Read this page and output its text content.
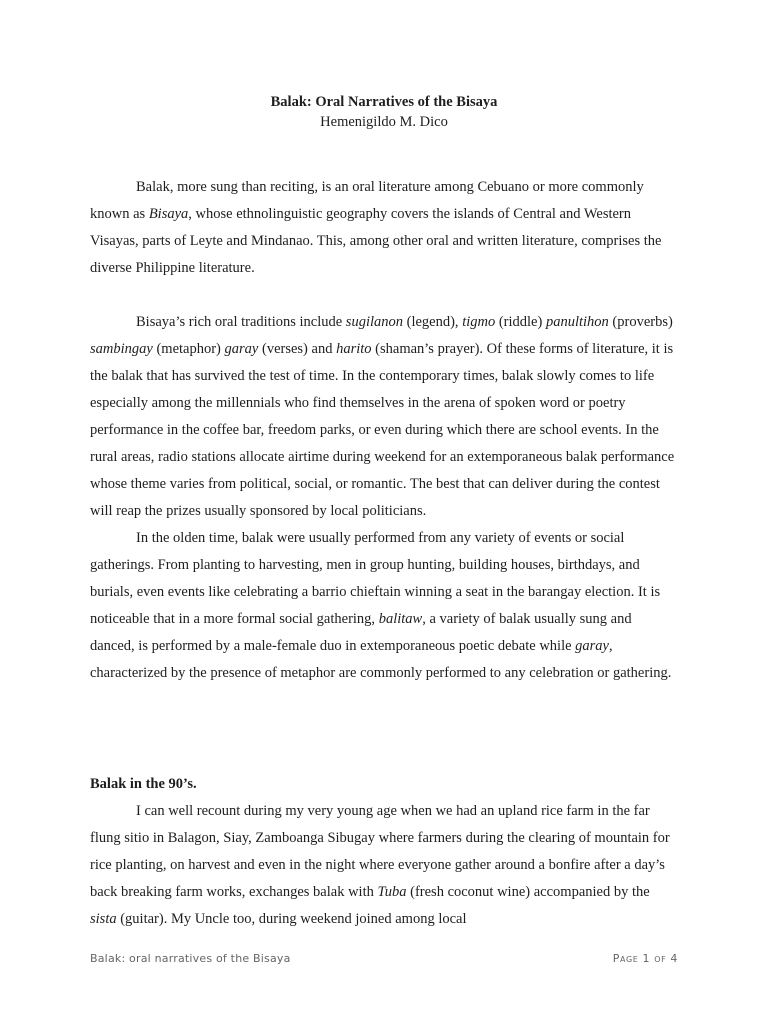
Balak: Oral Narratives of the Bisaya
Hemenigildo M. Dico

Balak, more sung than reciting, is an oral literature among Cebuano or more commonly known as Bisaya, whose ethnolinguistic geography covers the islands of Central and Western Visayas, parts of Leyte and Mindanao. This, among other oral and written literature, comprises the diverse Philippine literature.

Bisaya’s rich oral traditions include sugilanon (legend), tigmo (riddle) panultihon (proverbs) sambingay (metaphor) garay (verses) and harito (shaman’s prayer). Of these forms of literature, it is the balak that has survived the test of time. In the contemporary times, balak slowly comes to life especially among the millennials who find themselves in the arena of spoken word or poetry performance in the coffee bar, freedom parks, or even during which there are school events. In the rural areas, radio stations allocate airtime during weekend for an extemporaneous balak performance whose theme varies from political, social, or romantic. The best that can deliver during the contest will reap the prizes usually sponsored by local politicians.

In the olden time, balak were usually performed from any variety of events or social gatherings. From planting to harvesting, men in group hunting, building houses, birthdays, and burials, even events like celebrating a barrio chieftain winning a seat in the barangay election. It is noticeable that in a more formal social gathering, balitaw, a variety of balak usually sung and danced, is performed by a male-female duo in extemporaneous poetic debate while garay, characterized by the presence of metaphor are commonly performed to any celebration or gathering.

Balak in the 90’s.

I can well recount during my very young age when we had an upland rice farm in the far flung sitio in Balagon, Siay, Zamboanga Sibugay where farmers during the clearing of mountain for rice planting, on harvest and even in the night where everyone gather around a bonfire after a day’s back breaking farm works, exchanges balak with Tuba (fresh coconut wine) accompanied by the sista (guitar). My Uncle too, during weekend joined among local

Balak: oral narratives of the Bisaya	Page 1 of 4
